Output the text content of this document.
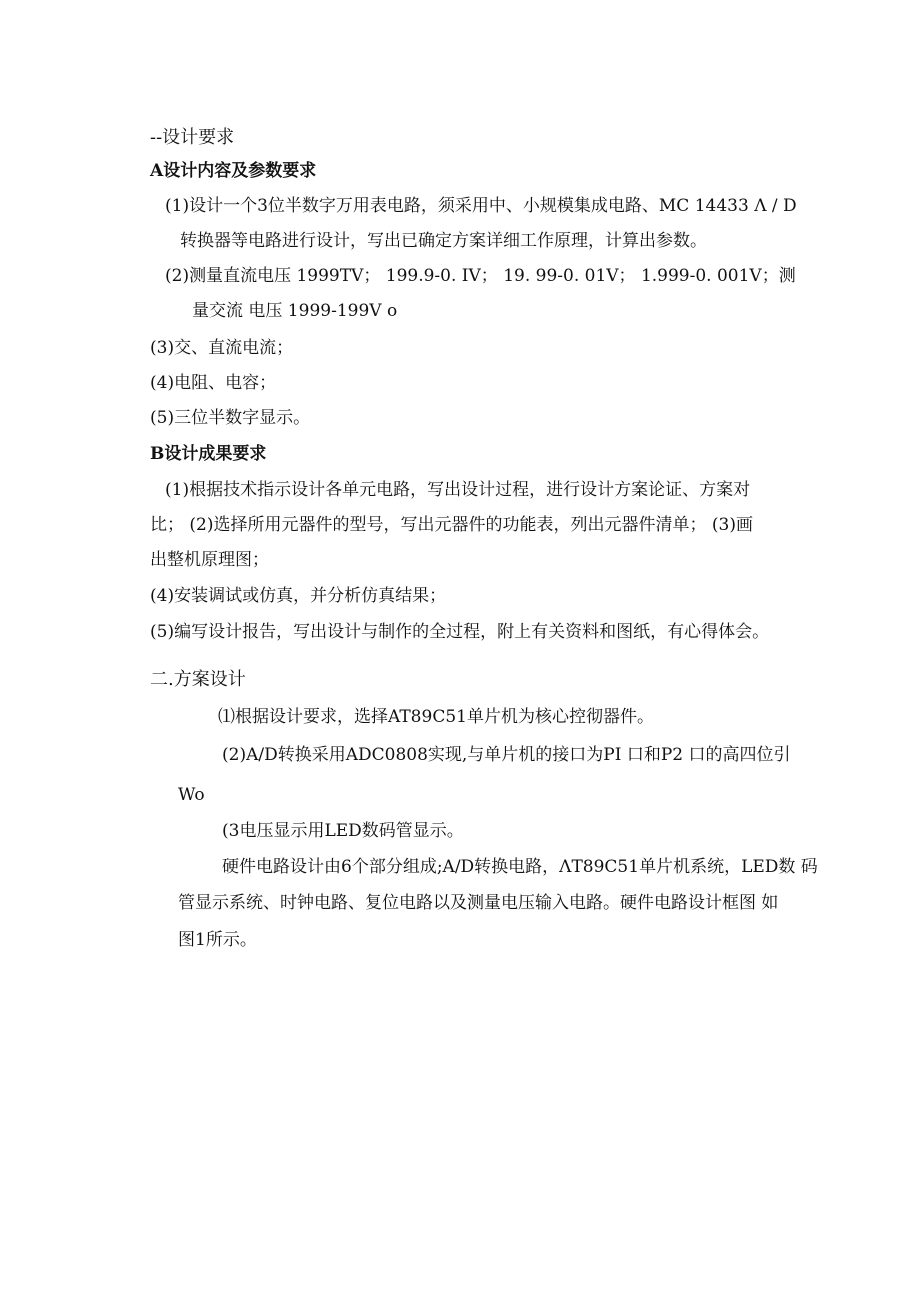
--设计要求
A设计内容及参数要求
(1)设计一个3位半数字万用表电路，须采用中、小规模集成电路、MC 14433 Λ / D
转换器等电路进行设计，写出已确定方案详细工作原理，计算出参数。
(2)测量直流电压 1999TV； 199.9-0. IV； 19. 99-0. 01V； 1.999-0. 001V；测
量交流 电压 1999-199V o
(3)交、直流电流；
(4)电阻、电容；
(5)三位半数字显示。
B设计成果要求
(1)根据技术指示设计各单元电路，写出设计过程，进行设计方案论证、方案对
比； (2)选择所用元器件的型号，写出元器件的功能表，列出元器件清单； (3)画
出整机原理图；
(4)安装调试或仿真，并分析仿真结果；
(5)编写设计报告，写出设计与制作的全过程，附上有关资料和图纸，有心得体会。
二.方案设计
⑴根据设计要求，选择AT89C51单片机为核心控彻器件。
(2)A/D转换采用ADC0808实现,与单片机的接口为PI 口和P2 口的高四位引
Wo
(3电压显示用LED数码管显示。
硬件电路设计由6个部分组成;A/D转换电路，ΛT89C51单片机系统，LED数 码
管显示系统、时钟电路、复位电路以及测量电压输入电路。硬件电路设计框图 如
图1所示。
